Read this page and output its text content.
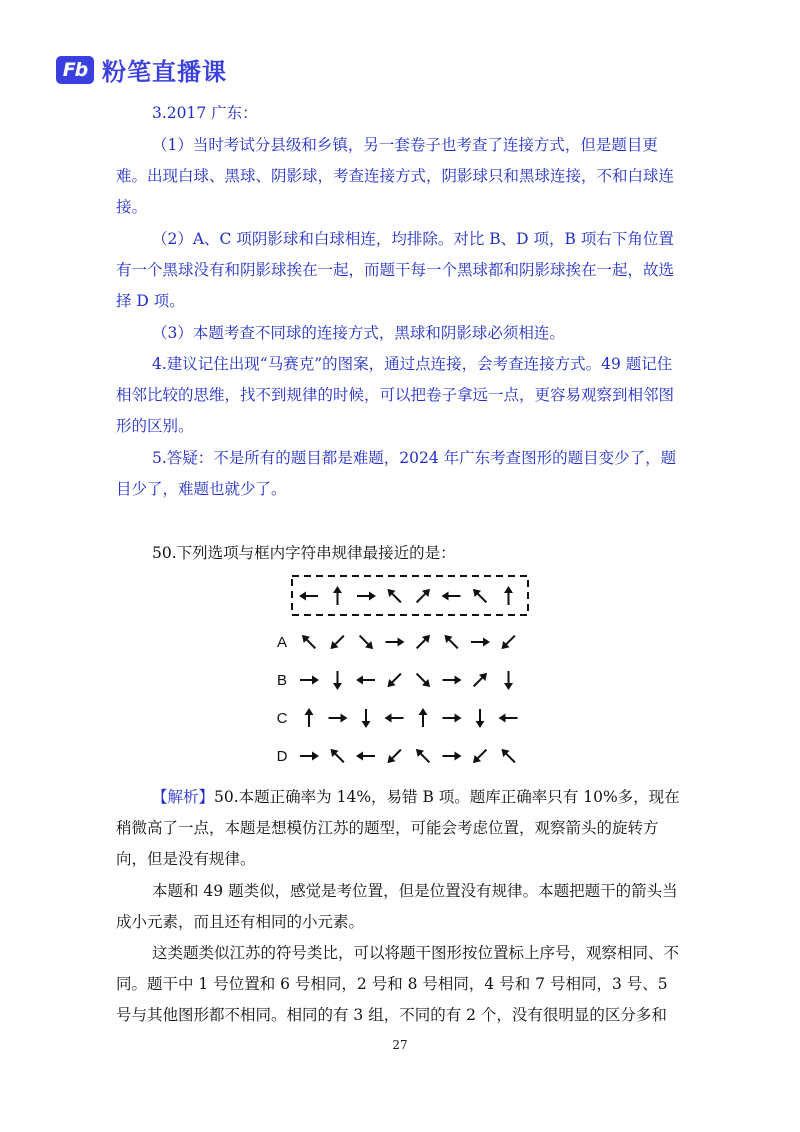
Fb 粉笔直播课
3.2017 广东：
（1）当时考试分县级和乡镇，另一套卷子也考查了连接方式，但是题目更难。出现白球、黑球、阴影球，考查连接方式，阴影球只和黑球连接，不和白球连接。
（2）A、C 项阴影球和白球相连，均排除。对比 B、D 项，B 项右下角位置有一个黑球没有和阴影球挨在一起，而题干每一个黑球都和阴影球挨在一起，故选择 D 项。
（3）本题考查不同球的连接方式，黑球和阴影球必须相连。
4.建议记住出现“马赛克”的图案，通过点连接，会考查连接方式。49 题记住相邻比较的思维，找不到规律的时候，可以把卷子拿远一点，更容易观察到相邻图形的区别。
5.答疑：不是所有的题目都是难题，2024 年广东考查图形的题目变少了，题目少了，难题也就少了。
50.下列选项与框内字符串规律最接近的是：
A
B
C
D
【解析】50.本题正确率为 14%，易错 B 项。题库正确率只有 10%多，现在稍微高了一点，本题是想模仿江苏的题型，可能会考虑位置，观察箭头的旋转方向，但是没有规律。
本题和 49 题类似，感觉是考位置，但是位置没有规律。本题把题干的箭头当成小元素，而且还有相同的小元素。
这类题类似江苏的符号类比，可以将题干图形按位置标上序号，观察相同、不同。题干中 1 号位置和 6 号相同，2 号和 8 号相同，4 号和 7 号相同，3 号、5 号与其他图形都不相同。相同的有 3 组，不同的有 2 个，没有很明显的区分多和
27
